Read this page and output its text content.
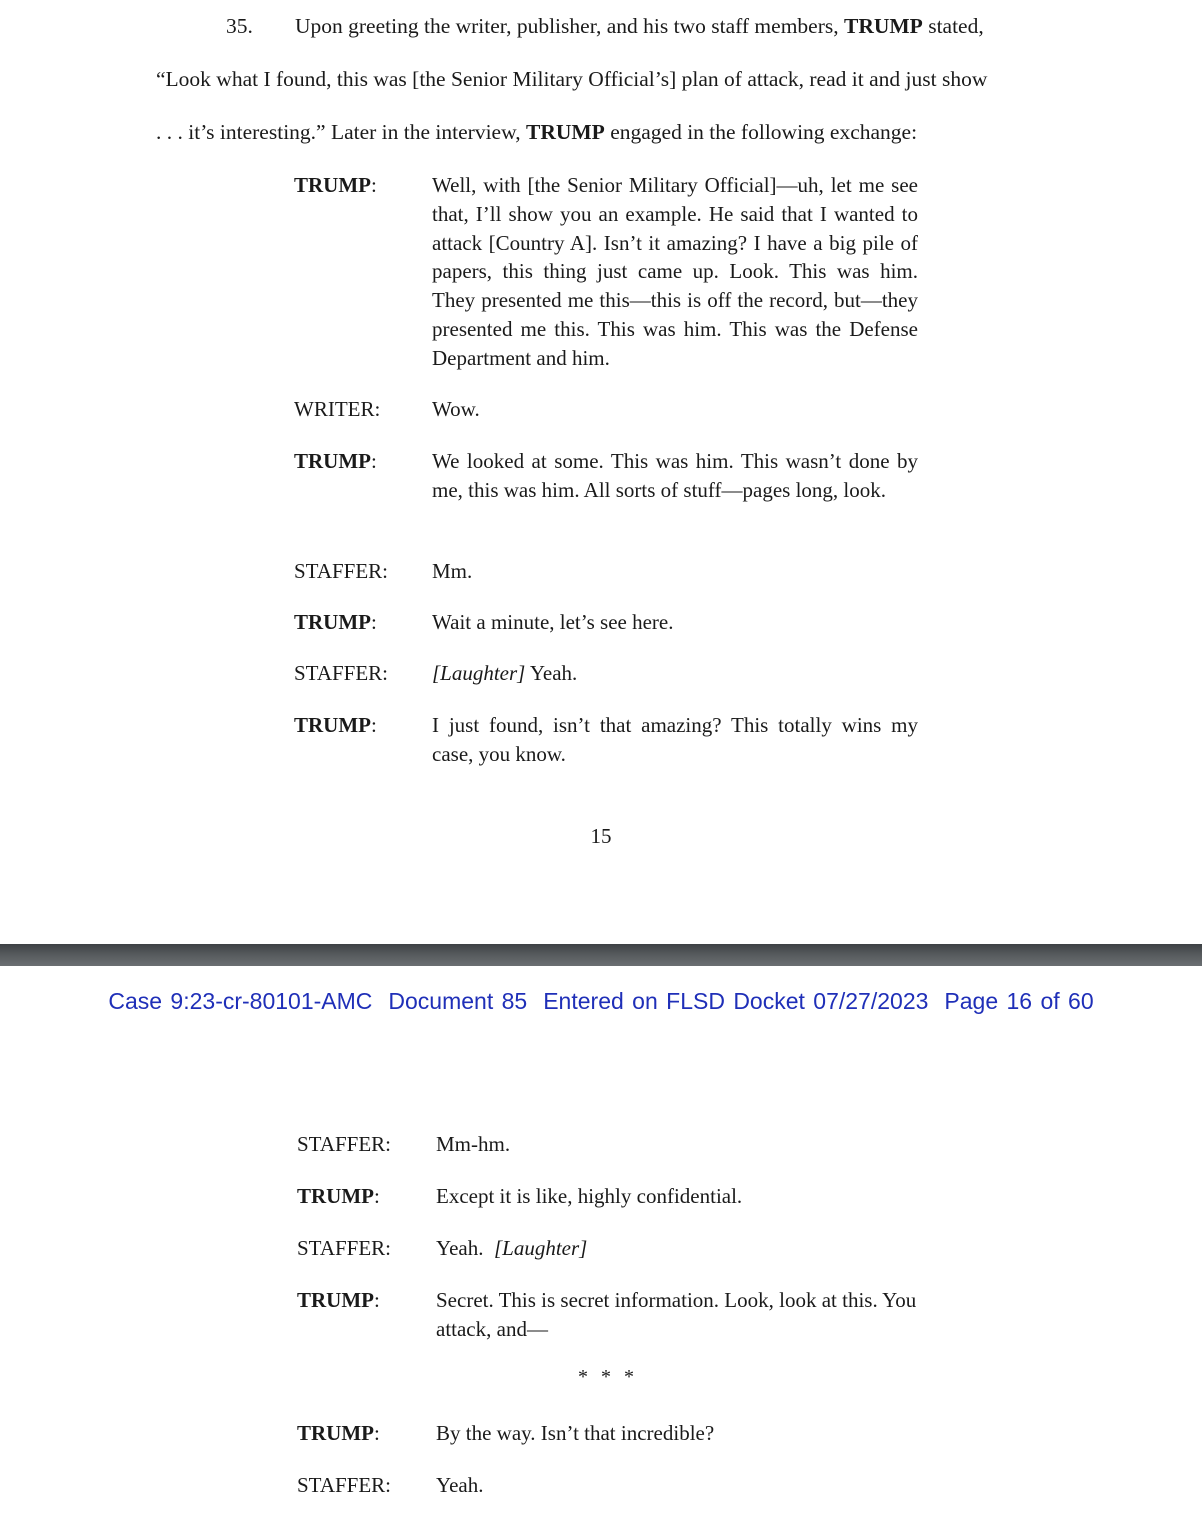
35. Upon greeting the writer, publisher, and his two staff members, TRUMP stated,
“Look what I found, this was [the Senior Military Official’s] plan of attack, read it and just show
. . . it’s interesting.” Later in the interview, TRUMP engaged in the following exchange:
TRUMP:	Well, with [the Senior Military Official]—uh, let me see that, I’ll show you an example. He said that I wanted to attack [Country A]. Isn’t it amazing? I have a big pile of papers, this thing just came up. Look. This was him. They presented me this—this is off the record, but—they presented me this. This was him. This was the Defense Department and him.
WRITER: Wow.
TRUMP:	We looked at some. This was him. This wasn’t done by me, this was him. All sorts of stuff—pages long, look.
STAFFER: Mm.
TRUMP:	Wait a minute, let’s see here.
STAFFER: [Laughter] Yeah.
TRUMP:	I just found, isn’t that amazing? This totally wins my case, you know.
15
Case 9:23-cr-80101-AMC Document 85 Entered on FLSD Docket 07/27/2023 Page 16 of 60
STAFFER: Mm-hm.
TRUMP:	Except it is like, highly confidential.
STAFFER: Yeah.  [Laughter]
TRUMP:	Secret. This is secret information. Look, look at this. You attack, and—
* * *
TRUMP:	By the way. Isn’t that incredible?
STAFFER: Yeah.
